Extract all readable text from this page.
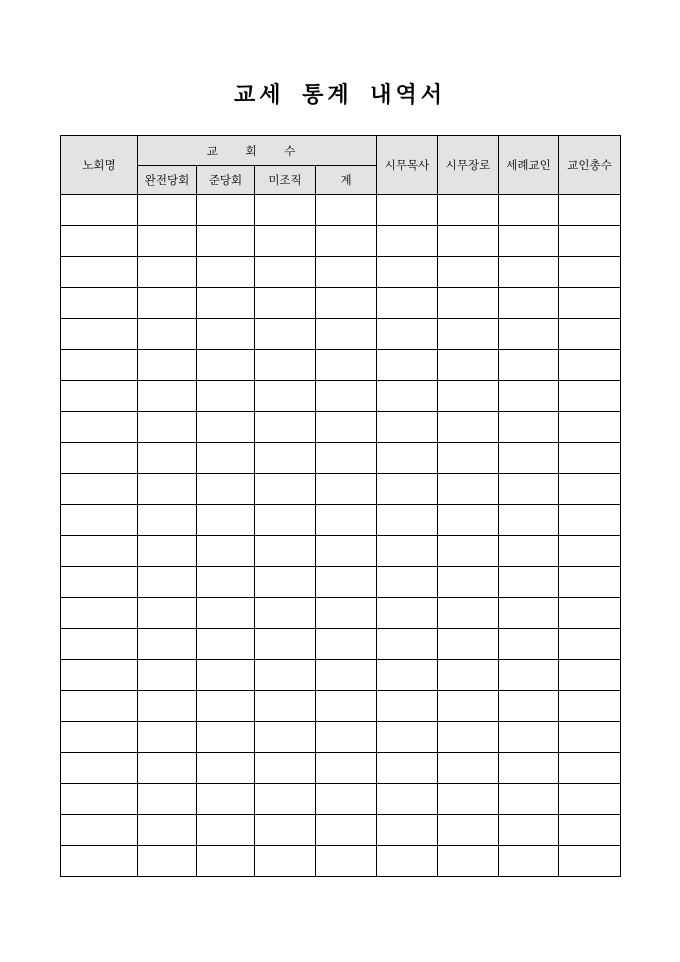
교세 통계 내역서
노회명	교 회 수				시무목사	시무장로	세례교인	교인총수
	완전당회	준당회	미조직	계				
